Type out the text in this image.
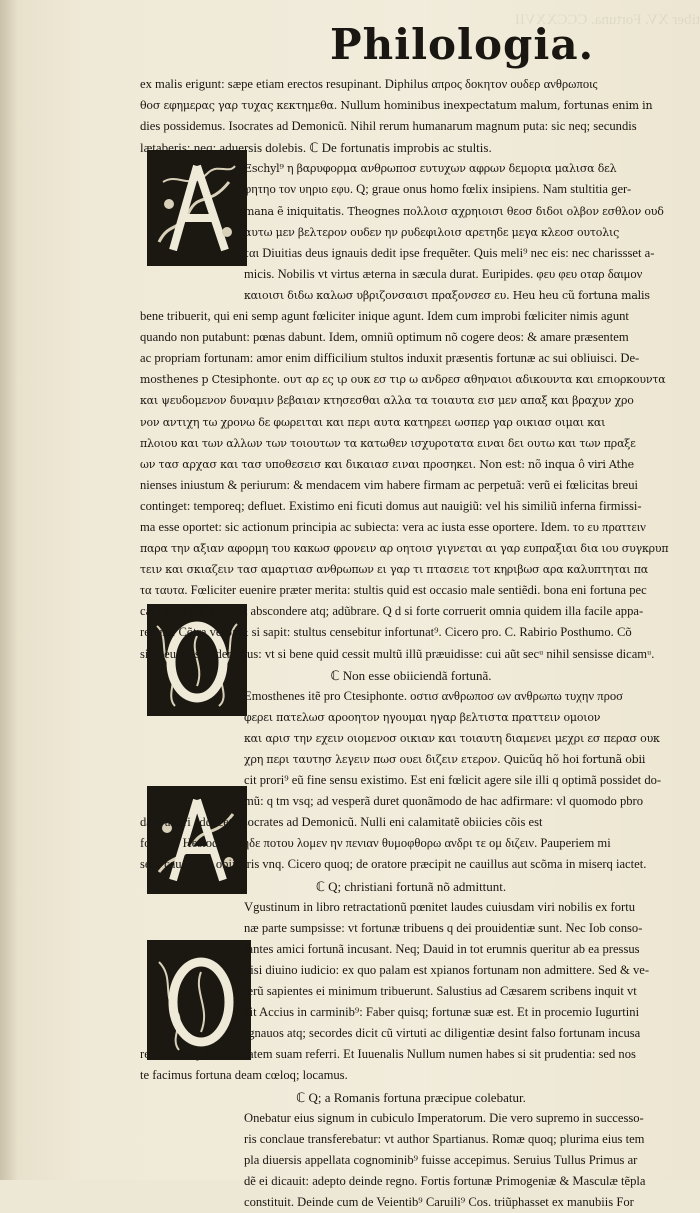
tiber XV. Fortuna. CCCXXVII
Philologia.
ex malis erigunt: sæpe etiam erectos resupinant. Diphilus απρος δοκητον ουδερ ανθρωποις
θοσ εφημερας γαρ τυχας κεκτημεθα. Nullum hominibus inexpectatum malum, fortunas enim in
dies possidemus. Isocrates ad Demonicũ. Nihil rerum humanarum magnum puta: sic neq; secundis
lætaberis: neq; aduersis dolebis. ℂ De fortunatis improbis ac stultis.
Eschyl⁹ η βαρυφορμα ανθρωποσ ευτυχων αφρων δεμορια μαλισα δελ
φητηο τον υηριο εφυ. Q; graue onus homo fœlix insipiens. Nam stultitia ger-
mana ẽ iniquitatis. Theognes πολλοισ αχρηιοισι θεοσ διδοι ολβον εσθλον ουδ
αυτω μεν βελτερον ουδεν ην ρυδεφιλοισ αρετηδε μεγα κλεοσ ουτολις
ται Diuitias deus ignauis dedit ipse frequẽter. Quis meli⁹ nec eis: nec charissset a-
micis. Nobilis vt virtus æterna in sæcula durat. Euripides. φευ φευ οταρ δαιμον
καιοισι διδω καλωσ υβριζονσαισι πραξονσεσ ευ. Heu heu cũ fortuna malis
bene tribuerit, qui eni semp agunt fœliciter inique agunt. Idem cum improbi fœliciter nimis agunt
quando non putabunt: pœnas dabunt. Idem, omniũ optimum nõ cogere deos: & amare præsentem
ac propriam fortunam: amor enim difficilium stultos induxit præsentis fortunæ ac sui obliuisci. De-
mosthenes p Ctesiphonte. ουτ αρ ες ιρ ουκ εσ τιρ ω ανδρεσ αθηναιοι αδικουντα και επιορκουντα
και ψευδομενον δυναμιν βεβαιαν κτησεσθαι αλλα τα τοιαυτα εισ μεν απαξ και βραχυν χρο
νον αντιχη τω χρονω δε φωρειται και περι αυτα κατηρεει ωσπερ γαρ οικιασ οιμαι και
πλοιου και των αλλων των τοιουτων τα κατωθεν ισχυροτατα ειναι δει ουτω και των πραξε
ων τασ αρχασ και τασ υποθεσεισ και δικαιασ ειναι προσηκει. Non est: nõ inqua ô viri Athe
nienses iniustum & periurum: & mendacem vim habere firmam ac perpetuã: verũ ei fœlicitas breui
continget: temporeq; defluet. Existimo eni ficuti domus aut nauigiũ: vel his similiũ inferna firmissi-
ma esse oportet: sic actionum principia ac subiecta: vera ac iusta esse oportere. Idem. το ευ πραττειν
παρα την αξιαν αφορμη του κακωσ φρονειν αρ οητοισ γιγνεται αι γαρ ευπραξιαι δια ιου συγκρυπ
τειν και σκιαζειν τασ αμαρτιασ ανθρωπων ει γαρ τι πτασειε τοτ κηριβωσ αρα καλυπτηται πα
τα ταυτα. Fœliciter euenire præter merita: stultis quid est occasio male sentiẽdi. bona eni fortuna pec
cata mortaliũ apta est abscondere atq; adũbrare. Q d si forte corruerit omnia quidem illa facile appa-
rebunt. Cõtra vero: & si sapit: stultus censebitur infortunat⁹. Cicero pro. C. Rabirio Posthumo. Cõ
silia euentis põderamus: vt si bene quid cessit multũ illũ præuidisse: cui aũt secᵘ nihil sensisse dicamᵘ.
ℂ Non esse obiiciendã fortunã.
Emosthenes itẽ pro Ctesiphonte. οστισ ανθρωποσ ων ανθρωπω τυχην προσ
φερει πατελωσ αροοητον ηγουμαι ηγαρ βελτιστα πραττειν ομοιον
και αρισ την εχειν οιομενοσ οικιαν και τοιαυτη διαμενει μεχρι εσ περασ ουκ
χρη περι ταυτησ λεγειν πωσ ουει διζειν ετερον. Quicũq hõ hoi fortunã obii
cit prori⁹ eũ fine sensu existimo. Est eni fœlicit agere sile illi q optimã possidet do-
mũ: q tm vsq; ad vesperã duret quonãmodo de hac adfirmare: vl quomodo pbro
dare alteri addecet. Isocrates ad Demonicũ. Nulli eni calamitatẽ obiicies cõis est
fortuna. Hesiodus. μηδε ποτου λομεν ην πενιαν θυμοφθορω ανδρι τε ομ διζειν. Pauperiem mi
sero caueas ne obiiceris vnq. Cicero quoq; de oratore præcipit ne cauillus aut scõma in miserq iactet.
ℂ Q; christiani fortunã nõ admittunt.
Vgustinum in libro retractationũ pœnitet laudes cuiusdam viri nobilis ex fortu
næ parte sumpsisse: vt fortunæ tribuens q dei prouidentiæ sunt. Nec Iob conso-
lantes amici fortunã incusant. Neq; Dauid in tot erumnis queritur ab ea pressus
nisi diuino iudicio: ex quo palam est xpianos fortunam non admittere. Sed & ve-
terũ sapientes ei minimum tribuerunt. Salustius ad Cæsarem scribens inquit vt
ait Accius in carminib⁹: Faber quisq; fortunæ suæ est. Et in procemio Iugurtini
Ignauos atq; secordes dicit cũ virtuti ac diligentiæ desint falso fortunam incusa
re: ad eamq; infœlicitatem suam referri. Et Iuuenalis Nullum numen habes si sit prudentia: sed nos
te facimus fortuna deam cœloq; locamus.
ℂ Q; a Romanis fortuna præcipue colebatur.
Onebatur eius signum in cubiculo Imperatorum. Die vero supremo in successo-
ris conclaue transferebatur: vt author Spartianus. Romæ quoq; plurima eius tem
pla diuersis appellata cognominib⁹ fuisse accepimus. Seruius Tullus Primus ar
dẽ ei dicauit: adepto deinde regno. Fortis fortunæ Primogeniæ & Masculæ tẽpla
constituit. Deinde cum de Veientib⁹ Caruili⁹ Cos. triũphasset ex manubiis For
